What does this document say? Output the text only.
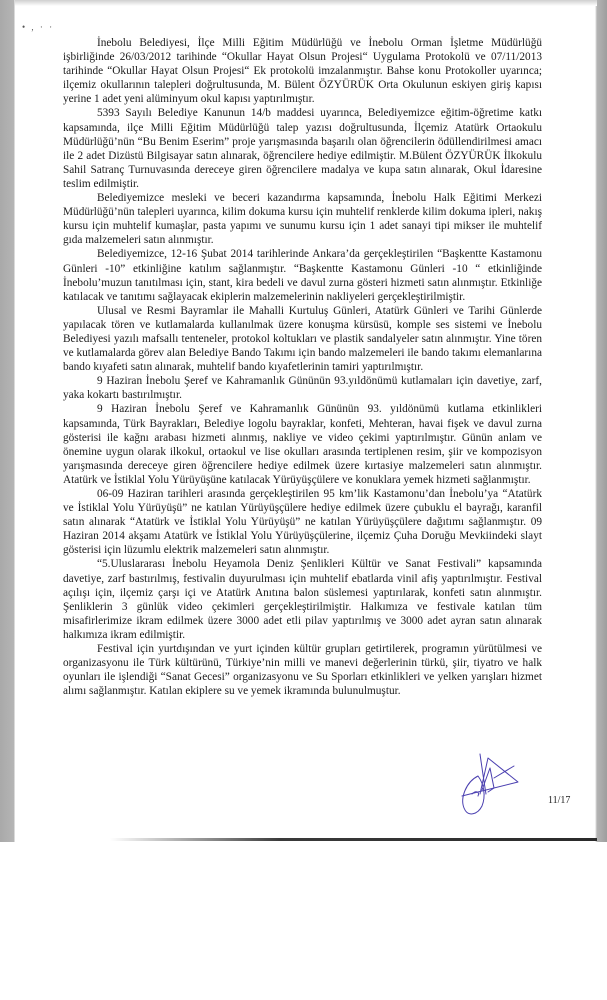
• , · ·

İnebolu Belediyesi, İlçe Milli Eğitim Müdürlüğü ve İnebolu Orman İşletme Müdürlüğü işbirliğinde 26/03/2012 tarihinde “Okullar Hayat Olsun Projesi“ Uygulama Protokolü ve 07/11/2013 tarihinde “Okullar Hayat Olsun Projesi“ Ek protokolü imzalanmıştır. Bahse konu Protokoller uyarınca; ilçemiz okullarının talepleri doğrultusunda, M. Bülent ÖZYÜRÜK Orta Okulunun eskiyen giriş kapısı yerine 1 adet yeni alüminyum okul kapısı yaptırılmıştır.

5393 Sayılı Belediye Kanunun 14/b maddesi uyarınca, Belediyemizce eğitim-öğretime katkı kapsamında, ilçe Milli Eğitim Müdürlüğü talep yazısı doğrultusunda, İlçemiz Atatürk Ortaokulu Müdürlüğü’nün “Bu Benim Eserim” proje yarışmasında başarılı olan öğrencilerin ödüllendirilmesi amacı ile 2 adet Dizüstü Bilgisayar satın alınarak, öğrencilere hediye edilmiştir. M.Bülent ÖZYÜRÜK İlkokulu Sahil Satranç Turnuvasında dereceye giren öğrencilere madalya ve kupa satın alınarak, Okul İdaresine teslim edilmiştir.

Belediyemizce mesleki ve beceri kazandırma kapsamında, İnebolu Halk Eğitimi Merkezi Müdürlüğü’nün talepleri uyarınca, kilim dokuma kursu için muhtelif renklerde kilim dokuma ipleri, nakış kursu için muhtelif kumaşlar, pasta yapımı ve sunumu kursu için 1 adet sanayi tipi mikser ile muhtelif gıda malzemeleri satın alınmıştır.

Belediyemizce, 12-16 Şubat 2014 tarihlerinde Ankara’da gerçekleştirilen “Başkentte Kastamonu Günleri -10” etkinliğine katılım sağlanmıştır. “Başkentte Kastamonu Günleri -10 “ etkinliğinde İnebolu’muzun tanıtılması için, stant, kira bedeli ve davul zurna gösteri hizmeti satın alınmıştır. Etkinliğe katılacak ve tanıtımı sağlayacak ekiplerin malzemelerinin nakliyeleri gerçekleştirilmiştir.

Ulusal ve Resmi Bayramlar ile Mahalli Kurtuluş Günleri, Atatürk Günleri ve Tarihi Günlerde yapılacak tören ve kutlamalarda kullanılmak üzere konuşma kürsüsü, komple ses sistemi ve İnebolu Belediyesi yazılı mafsallı tenteneler, protokol koltukları ve plastik sandalyeler satın alınmıştır. Yine tören ve kutlamalarda görev alan Belediye Bando Takımı için bando malzemeleri ile bando takımı elemanlarına bando kıyafeti satın alınarak, muhtelif bando kıyafetlerinin tamiri yaptırılmıştır.

9 Haziran İnebolu Şeref ve Kahramanlık Gününün 93.yıldönümü kutlamaları için davetiye, zarf, yaka kokartı bastırılmıştır.

9 Haziran İnebolu Şeref ve Kahramanlık Gününün 93. yıldönümü kutlama etkinlikleri kapsamında, Türk Bayrakları, Belediye logolu bayraklar, konfeti, Mehteran, havai fişek ve davul zurna gösterisi ile kağnı arabası hizmeti alınmış, nakliye ve video çekimi yaptırılmıştır. Günün anlam ve önemine uygun olarak ilkokul, ortaokul ve lise okulları arasında tertiplenen resim, şiir ve kompozisyon yarışmasında dereceye giren öğrencilere hediye edilmek üzere kırtasiye malzemeleri satın alınmıştır. Atatürk ve İstiklal Yolu Yürüyüşüne katılacak Yürüyüşçülere ve konuklara yemek hizmeti sağlanmıştır.

06-09 Haziran tarihleri arasında gerçekleştirilen 95 km’lik Kastamonu’dan İnebolu’ya “Atatürk ve İstiklal Yolu Yürüyüşü” ne katılan Yürüyüşçülere hediye edilmek üzere çubuklu el bayrağı, karanfil satın alınarak “Atatürk ve İstiklal Yolu Yürüyüşü” ne katılan Yürüyüşçülere dağıtımı sağlanmıştır. 09 Haziran 2014 akşamı Atatürk ve İstiklal Yolu Yürüyüşçülerine, ilçemiz Çuha Doruğu Mevkiindeki slayt gösterisi için lüzumlu elektrik malzemeleri satın alınmıştır.

“5.Uluslararası İnebolu Heyamola Deniz Şenlikleri Kültür ve Sanat Festivali” kapsamında davetiye, zarf bastırılmış, festivalin duyurulması için muhtelif ebatlarda vinil afiş yaptırılmıştır. Festival açılışı için, ilçemiz çarşı içi ve Atatürk Anıtına balon süslemesi yaptırılarak, konfeti satın alınmıştır. Şenliklerin 3 günlük video çekimleri gerçekleştirilmiştir. Halkımıza ve festivale katılan tüm misafirlerimize ikram edilmek üzere 3000 adet etli pilav yaptırılmış ve 3000 adet ayran satın alınarak halkımıza ikram edilmiştir.

Festival için yurtdışından ve yurt içinden kültür grupları getirtilerek, programın yürütülmesi ve organizasyonu ile Türk kültürünü, Türkiye’nin milli ve manevi değerlerinin türkü, şiir, tiyatro ve halk oyunları ile işlendiği “Sanat Gecesi” organizasyonu ve Su Sporları etkinlikleri ve yelken yarışları hizmet alımı sağlanmıştır. Katılan ekiplere su ve yemek ikramında bulunulmuştur.

11/17
